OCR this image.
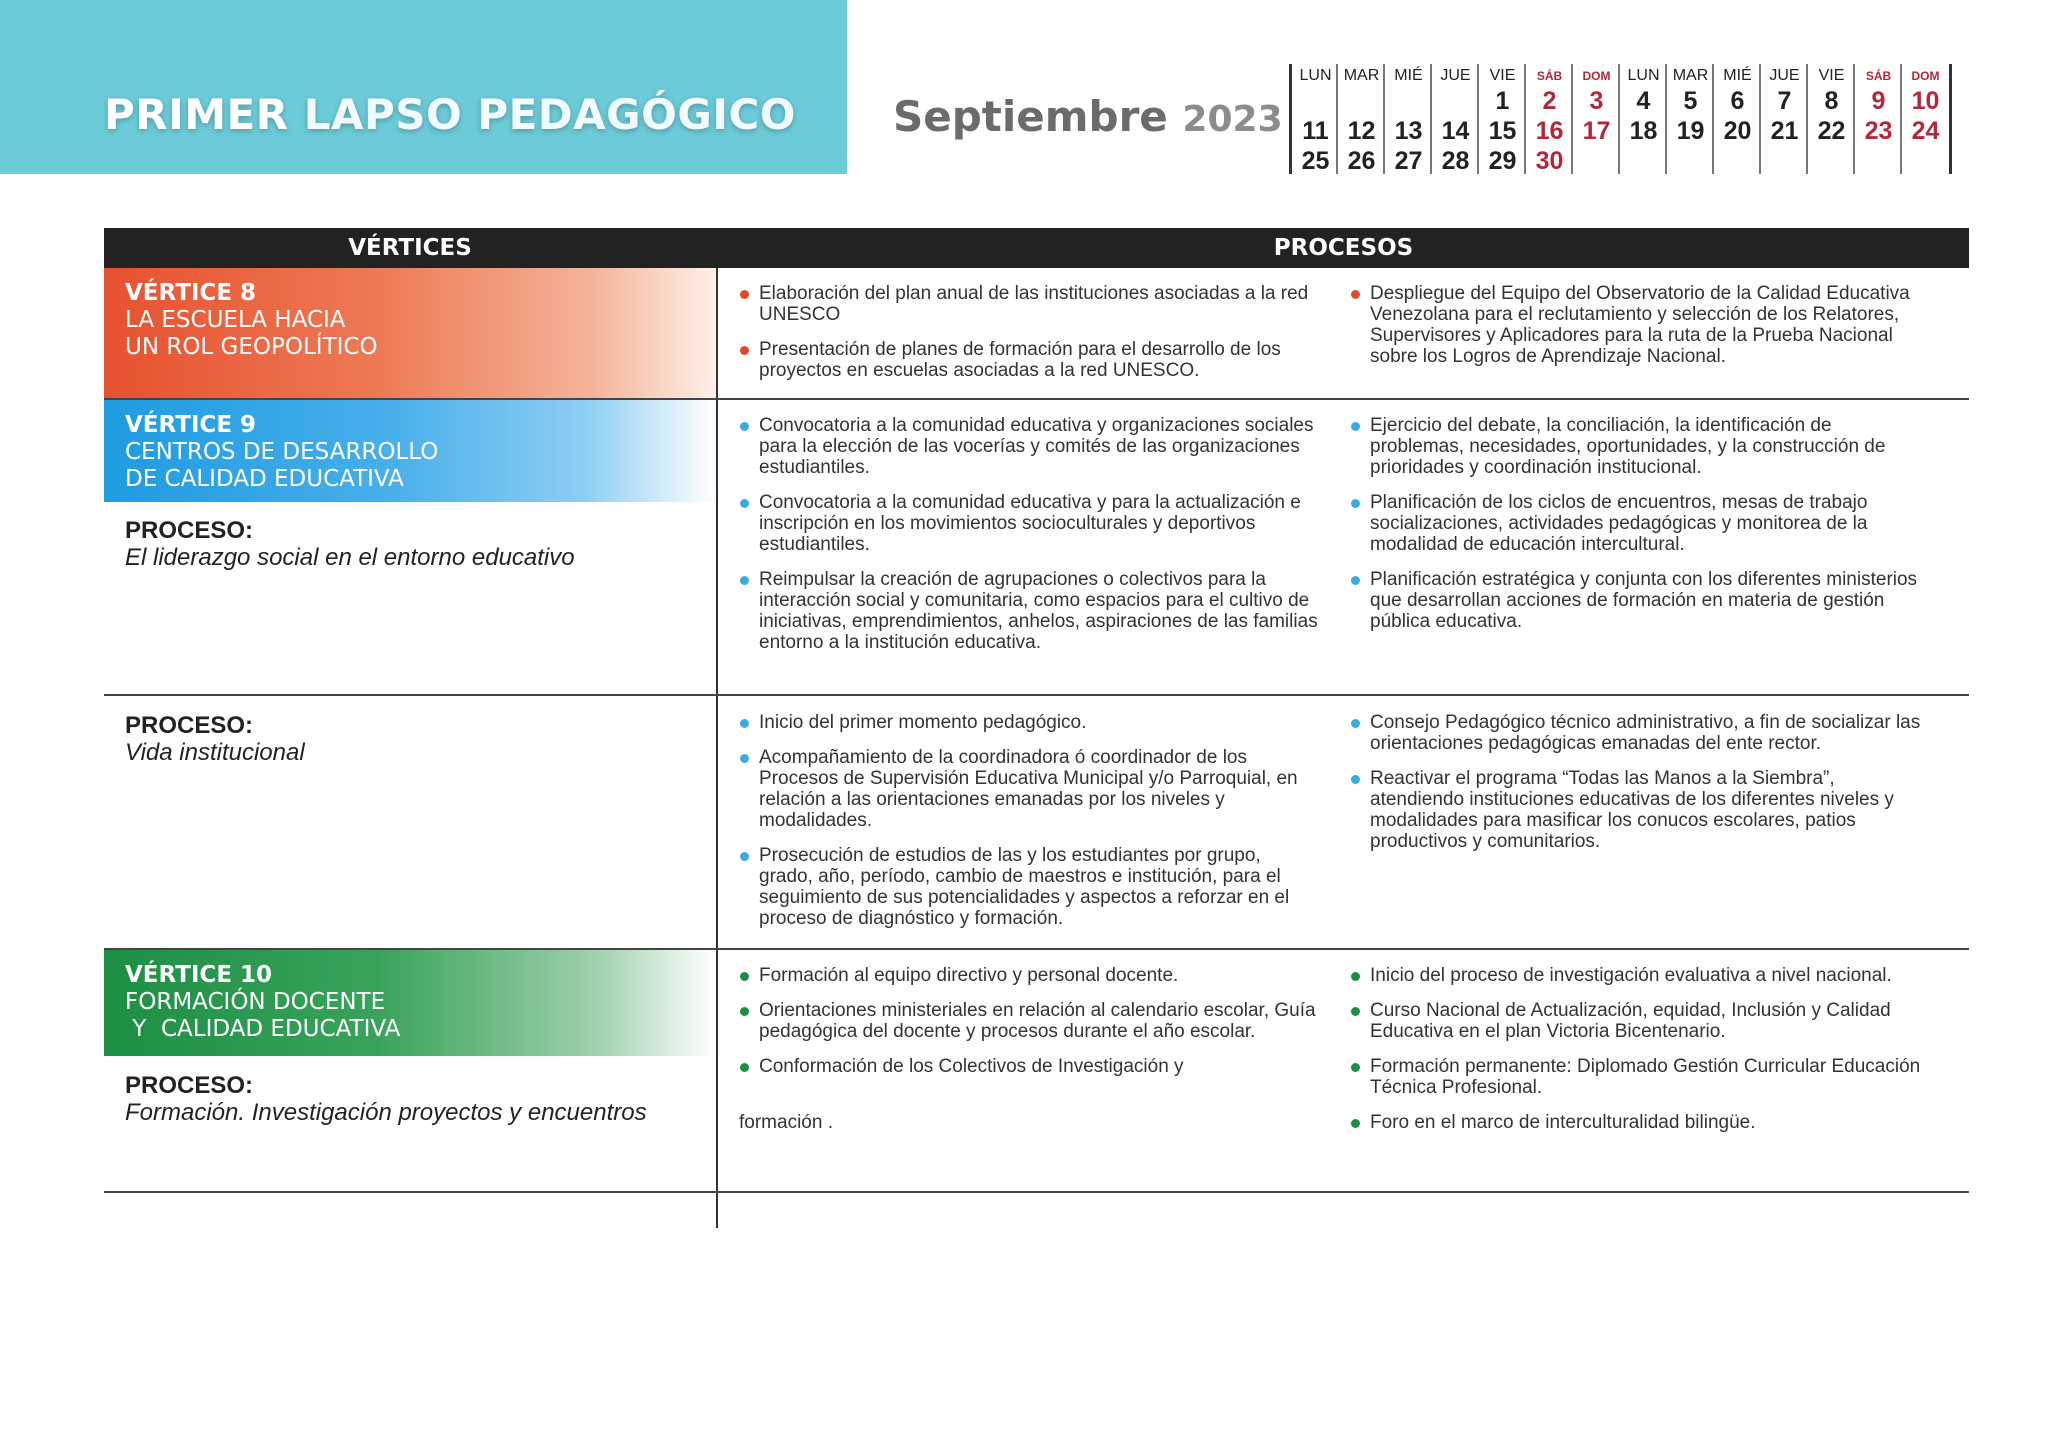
PRIMER LAPSO PEDAGÓGICO Septiembre 2023
LUN
11
25
MAR
12
26
MIÉ
13
27
JUE
14
28
VIE
1
15
29
SÁB
2
16
30
DOM
3
17
LUN
4
18
MAR
5
19
MIÉ
6
20
JUE
7
21
VIE
8
22
SÁB
9
23
DOM
10
24
VÉRTICES	PROCESOS
VÉRTICE 8
LA ESCUELA HACIA
UN ROL GEOPOLÍTICO
Elaboración del plan anual de las instituciones asociadas a la red UNESCO
Presentación de planes de formación para el desarrollo de los proyectos en escuelas asociadas a la red UNESCO.
Despliegue del Equipo del Observatorio de la Calidad Educativa Venezolana para el reclutamiento y selección de los Relatores, Supervisores y Aplicadores para la ruta de la Prueba Nacional sobre los Logros de Aprendizaje Nacional.
VÉRTICE 9
CENTROS DE DESARROLLO
DE CALIDAD EDUCATIVA
PROCESO:
El liderazgo social en el entorno educativo
Convocatoria a la comunidad educativa y organizaciones sociales para la elección de las vocerías y comités de las organizaciones estudiantiles.
Convocatoria a la comunidad educativa y para la actualización e inscripción en los movimientos socioculturales y deportivos estudiantiles.
Reimpulsar la creación de agrupaciones o colectivos para la interacción social y comunitaria, como espacios para el cultivo de iniciativas, emprendimientos, anhelos, aspiraciones de las familias entorno a la institución educativa.
Ejercicio del debate, la conciliación, la identificación de problemas, necesidades, oportunidades, y la construcción de prioridades y coordinación institucional.
Planificación de los ciclos de encuentros, mesas de trabajo socializaciones, actividades pedagógicas y monitorea de la modalidad de educación intercultural.
Planificación estratégica y conjunta con los diferentes ministerios que desarrollan acciones de formación en materia de gestión pública educativa.
PROCESO:
Vida institucional
Inicio del primer momento pedagógico.
Acompañamiento de la coordinadora ó coordinador de los Procesos de Supervisión Educativa Municipal y/o Parroquial, en relación a las orientaciones emanadas por los niveles y modalidades.
Prosecución de estudios de las y los estudiantes por grupo, grado, año, período, cambio de maestros e institución, para el seguimiento de sus potencialidades y aspectos a reforzar en el proceso de diagnóstico y formación.
Consejo Pedagógico técnico administrativo, a fin de socializar las orientaciones pedagógicas emanadas del ente rector.
Reactivar el programa “Todas las Manos a la Siembra”, atendiendo instituciones educativas de los diferentes niveles y modalidades para masificar los conucos escolares, patios productivos y comunitarios.
VÉRTICE 10
FORMACIÓN DOCENTE
Y  CALIDAD EDUCATIVA
PROCESO:
Formación. Investigación proyectos y encuentros
Formación al equipo directivo y personal docente.
Orientaciones ministeriales en relación al calendario escolar, Guía pedagógica del docente y procesos durante el año escolar.
Conformación de los Colectivos de Investigación y
formación .
Inicio del proceso de investigación evaluativa a nivel nacional.
Curso Nacional de Actualización, equidad, Inclusión y Calidad Educativa en el plan Victoria Bicentenario.
Formación permanente: Diplomado Gestión Curricular Educación Técnica Profesional.
Foro en el marco de interculturalidad bilingüe.
